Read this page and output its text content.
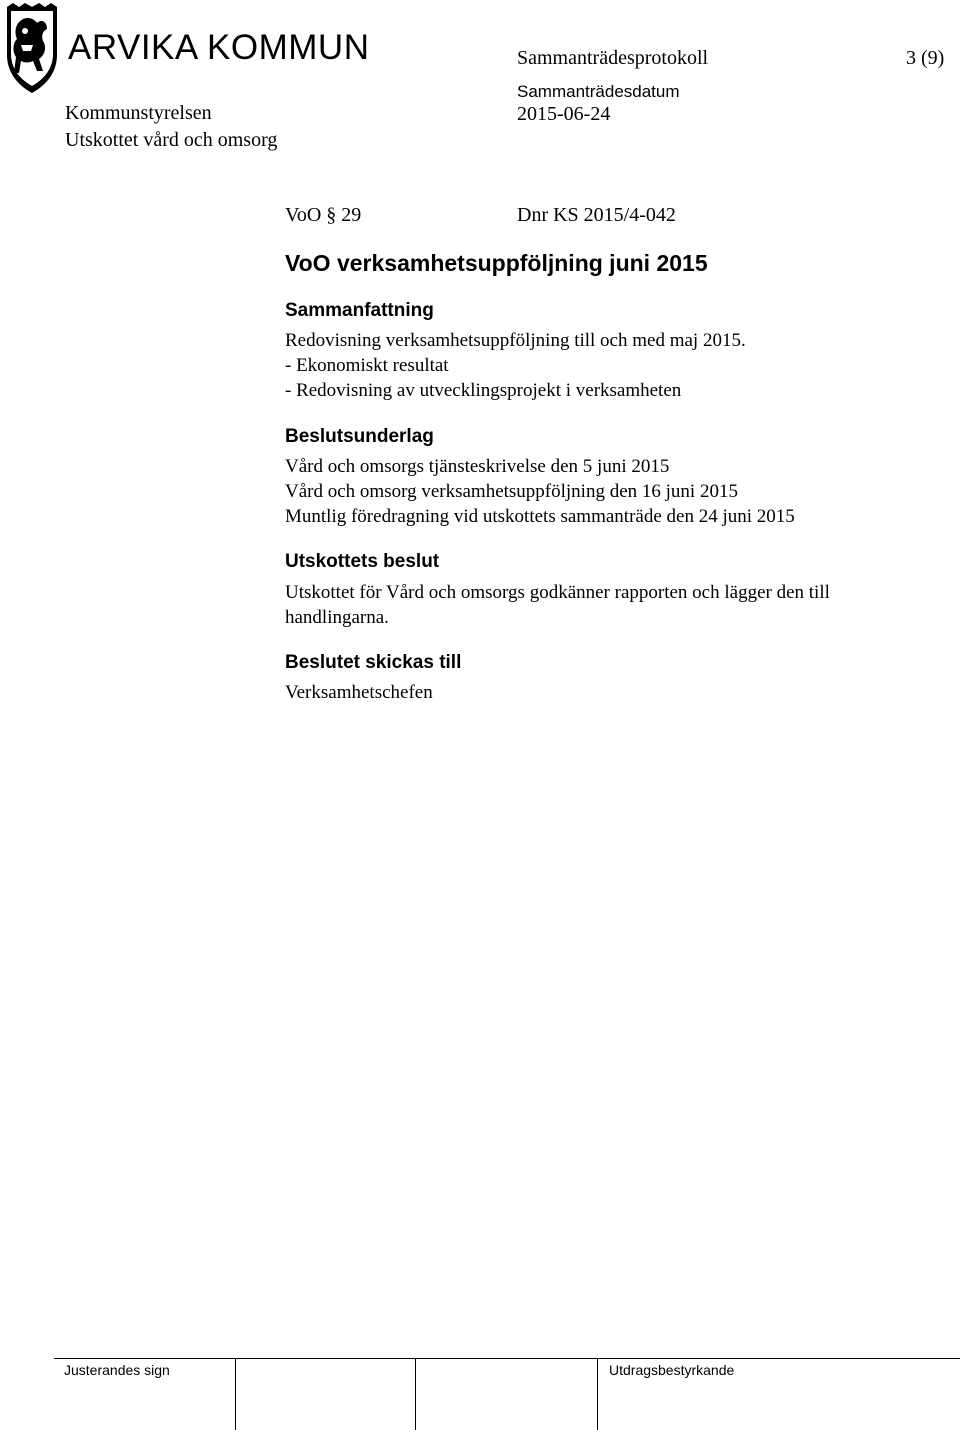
ARVIKA KOMMUN	Sammanträdesprotokoll	3 (9)
Sammanträdesdatum
Kommunstyrelsen	2015-06-24
Utskottet vård och omsorg
VoO § 29	Dnr KS 2015/4-042
VoO verksamhetsuppföljning juni 2015
Sammanfattning
Redovisning verksamhetsuppföljning till och med maj 2015.
- Ekonomiskt resultat
- Redovisning av utvecklingsprojekt i verksamheten
Beslutsunderlag
Vård och omsorgs tjänsteskrivelse den 5 juni 2015
Vård och omsorg verksamhetsuppföljning den 16 juni 2015
Muntlig föredragning vid utskottets sammanträde den 24 juni 2015
Utskottets beslut
Utskottet för Vård och omsorgs godkänner rapporten och lägger den till
handlingarna.
Beslutet skickas till
Verksamhetschefen
Justerandes sign	Utdragsbestyrkande
